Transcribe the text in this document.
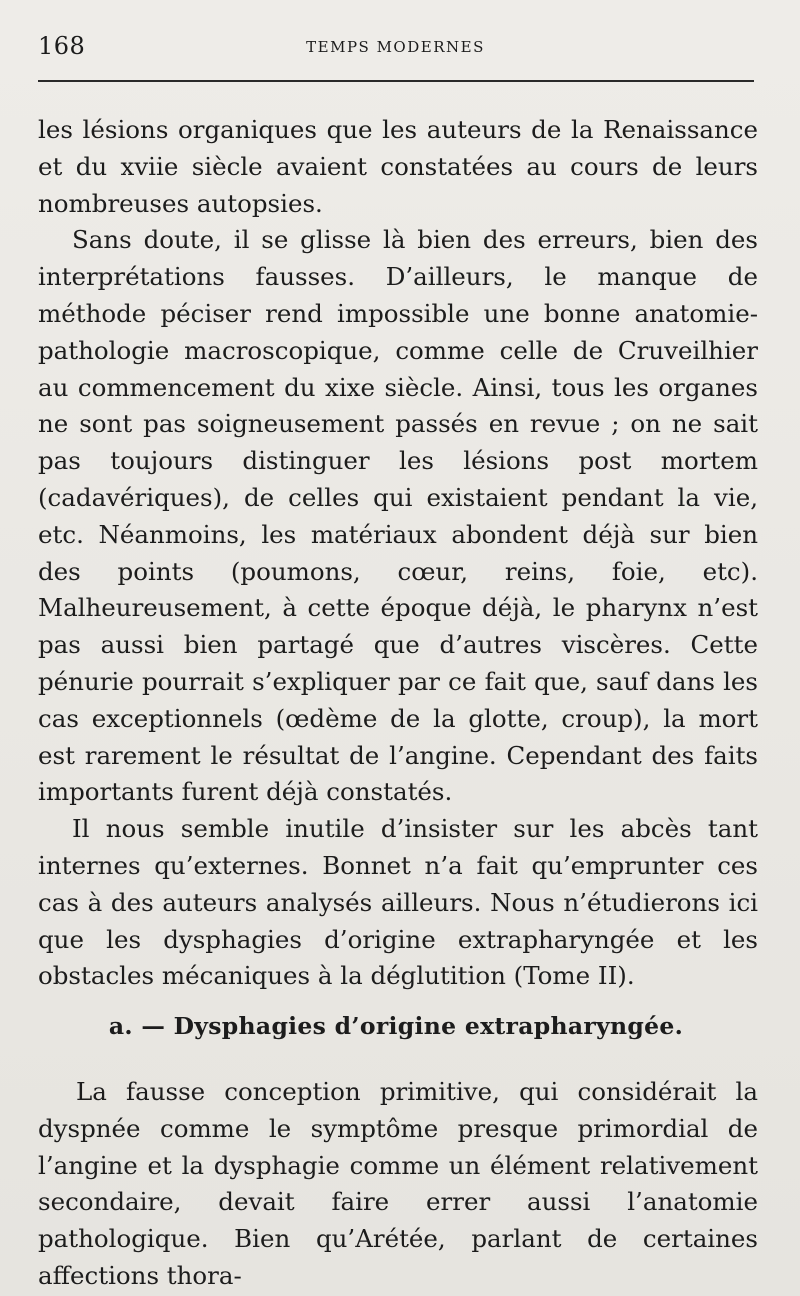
168	TEMPS MODERNES

les lésions organiques que les auteurs de la Renaissance et du xviie siècle avaient constatées au cours de leurs nombreuses autopsies.

Sans doute, il se glisse là bien des erreurs, bien des interprétations fausses. D’ailleurs, le manque de méthode péciser rend impossible une bonne anatomie-pathologie macroscopique, comme celle de Cruveilhier au commencement du xixe siècle. Ainsi, tous les organes ne sont pas soigneusement passés en revue ; on ne sait pas toujours distinguer les lésions post mortem (cadavériques), de celles qui existaient pendant la vie, etc. Néanmoins, les matériaux abondent déjà sur bien des points (poumons, cœur, reins, foie, etc). Malheureusement, à cette époque déjà, le pharynx n’est pas aussi bien partagé que d’autres viscères. Cette pénurie pourrait s’expliquer par ce fait que, sauf dans les cas exceptionnels (œdème de la glotte, croup), la mort est rarement le résultat de l’angine. Cependant des faits importants furent déjà constatés.

Il nous semble inutile d’insister sur les abcès tant internes qu’externes. Bonnet n’a fait qu’emprunter ces cas à des auteurs analysés ailleurs. Nous n’étudierons ici que les dysphagies d’origine extrapharyngée et les obstacles mécaniques à la déglutition (Tome II).

a. — Dysphagies d’origine extrapharyngée.

La fausse conception primitive, qui considérait la dyspnée comme le symptôme presque primordial de l’angine et la dysphagie comme un élément relativement secondaire, devait faire errer aussi l’anatomie pathologique. Bien qu’Arétée, parlant de certaines affections thora-
